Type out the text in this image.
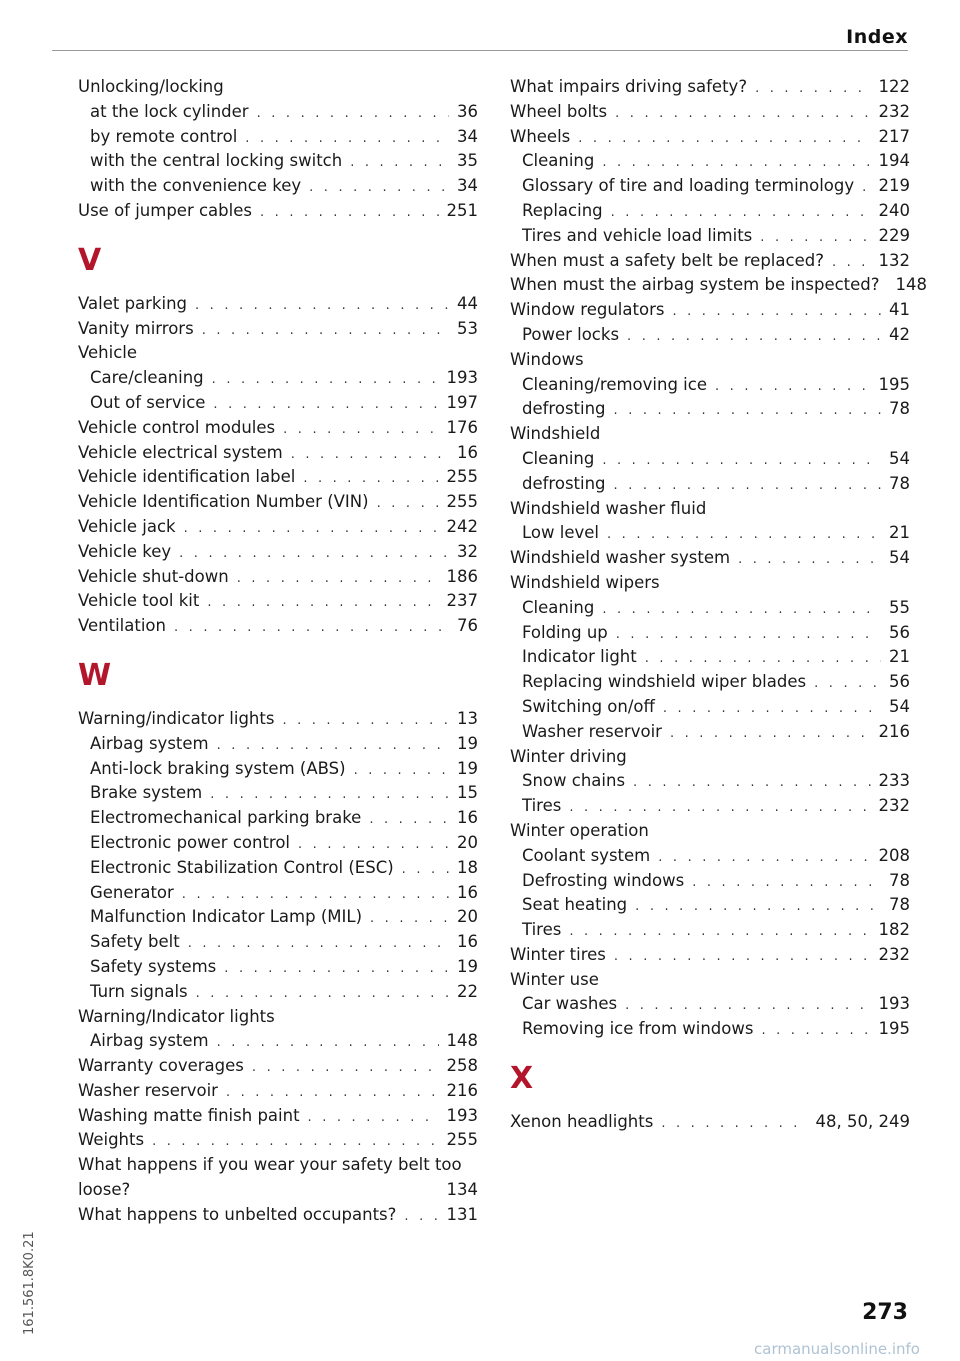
Index
Unlocking/locking
at the lock cylinder . . .	36
by remote control . . .	34
with the central locking switch . . .	35
with the convenience key . . .	34
Use of jumper cables . . .	251
V
Valet parking . . .	44
Vanity mirrors . . .	53
Vehicle
Care/cleaning . . .	193
Out of service . . .	197
Vehicle control modules . . .	176
Vehicle electrical system . . .	16
Vehicle identification label . . .	255
Vehicle Identification Number (VIN) . . .	255
Vehicle jack . . .	242
Vehicle key . . .	32
Vehicle shut-down . . .	186
Vehicle tool kit . . .	237
Ventilation . . .	76
W
Warning/indicator lights . . .	13
Airbag system . . .	19
Anti-lock braking system (ABS) . . .	19
Brake system . . .	15
Electromechanical parking brake . . .	16
Electronic power control . . .	20
Electronic Stabilization Control (ESC) . . .	18
Generator . . .	16
Malfunction Indicator Lamp (MIL) . . .	20
Safety belt . . .	16
Safety systems . . .	19
Turn signals . . .	22
Warning/Indicator lights
Airbag system . . .	148
Warranty coverages . . .	258
Washer reservoir . . .	216
Washing matte finish paint . . .	193
Weights . . .	255
What happens if you wear your safety belt too
loose?	134
What happens to unbelted occupants? . . .	131
What impairs driving safety? . . .	122
Wheel bolts . . .	232
Wheels . . .	217
Cleaning . . .	194
Glossary of tire and loading terminology . . . 219
Replacing . . .	240
Tires and vehicle load limits . . .	229
When must a safety belt be replaced? . . .	132
When must the airbag system be inspected? 148
Window regulators . . .	41
Power locks . . .	42
Windows
Cleaning/removing ice . . .	195
defrosting . . .	78
Windshield
Cleaning . . .	54
defrosting . . .	78
Windshield washer fluid
Low level . . .	21
Windshield washer system . . .	54
Windshield wipers
Cleaning . . .	55
Folding up . . .	56
Indicator light . . .	21
Replacing windshield wiper blades . . .	56
Switching on/off . . .	54
Washer reservoir . . .	216
Winter driving
Snow chains . . .	233
Tires . . .	232
Winter operation
Coolant system . . .	208
Defrosting windows . . .	78
Seat heating . . .	78
Tires . . .	182
Winter tires . . .	232
Winter use
Car washes . . .	193
Removing ice from windows . . .	195
X
Xenon headlights . . .	48, 50, 249
273
161.561.8K0.21
carmanualsonline.info
